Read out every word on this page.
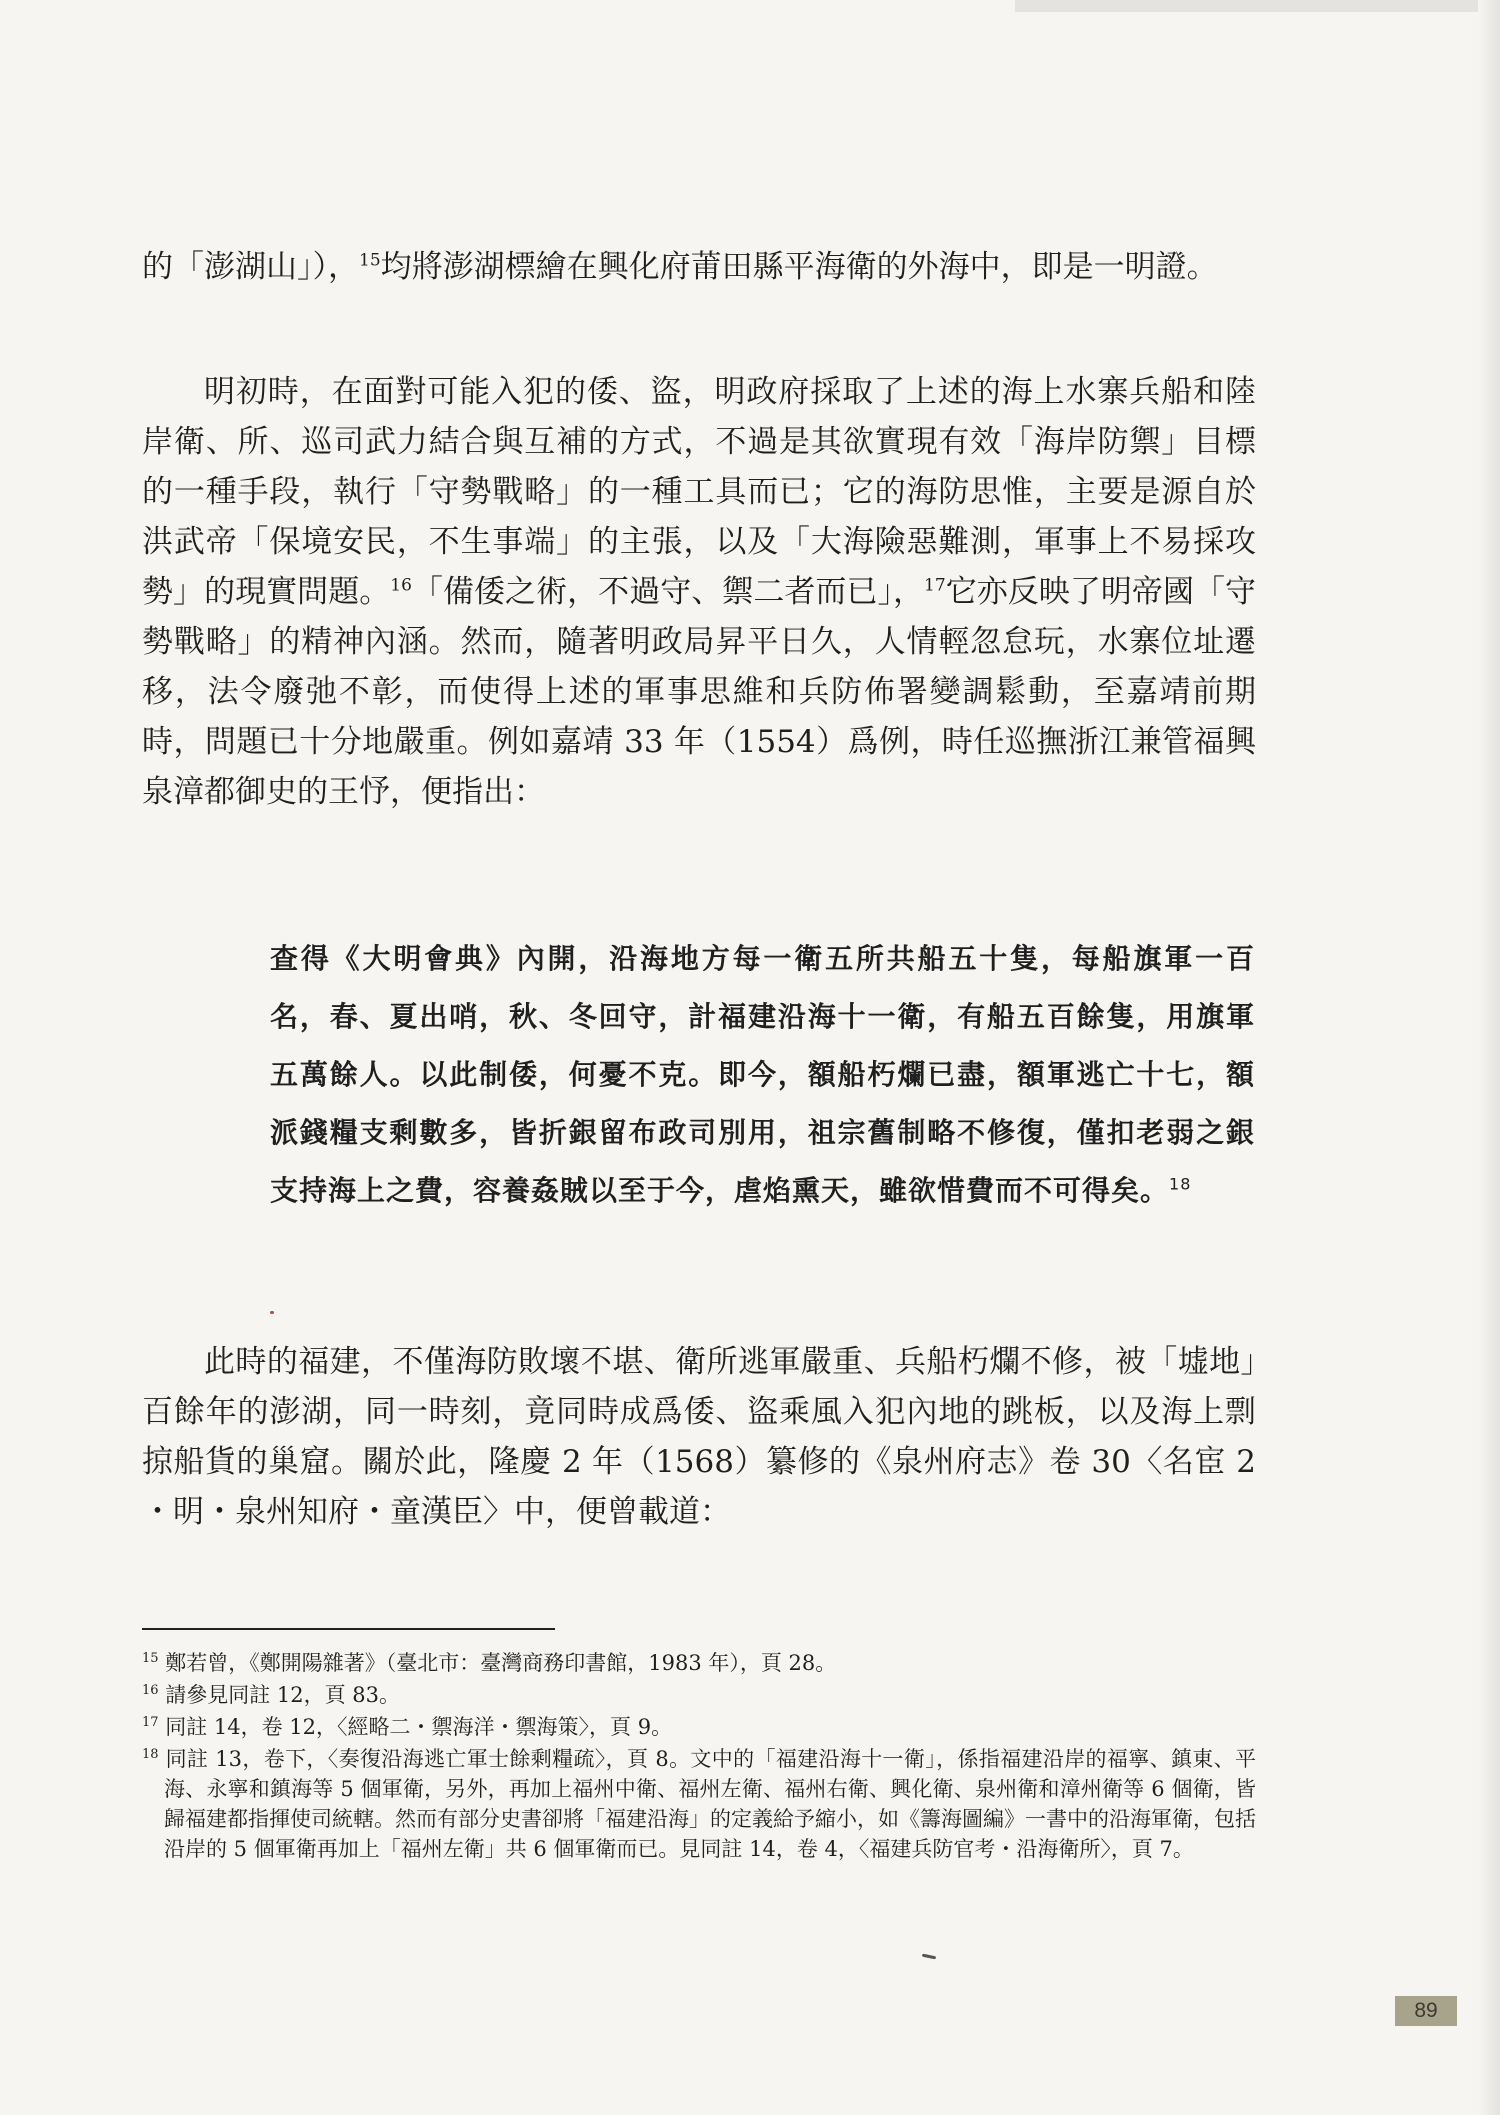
的「澎湖山」），$^{15}$均將澎湖標繪在興化府莆田縣平海衛的外海中，即是一明證。

明初時，在面對可能入犯的倭、盜，明政府採取了上述的海上水寨兵船和陸岸衛、所、巡司武力結合與互補的方式，不過是其欲實現有效「海岸防禦」目標的一種手段，執行「守勢戰略」的一種工具而已；它的海防思惟，主要是源自於洪武帝「保境安民，不生事端」的主張，以及「大海險惡難測，軍事上不易採攻勢」的現實問題。$^{16}$「備倭之術，不過守、禦二者而已」，$^{17}$它亦反映了明帝國「守勢戰略」的精神內涵。然而，隨著明政局昇平日久，人情輕忽怠玩，水寨位址遷移，法令廢弛不彰，而使得上述的軍事思維和兵防佈署變調鬆動，至嘉靖前期時，問題已十分地嚴重。例如嘉靖 33 年（1554）爲例，時任巡撫浙江兼管福興泉漳都御史的王忬，便指出：

查得《大明會典》內開，沿海地方每一衛五所共船五十隻，每船旗軍一百名，春、夏出哨，秋、冬回守，計福建沿海十一衛，有船五百餘隻，用旗軍五萬餘人。以此制倭，何憂不克。即今，額船朽爛已盡，額軍逃亡十七，額派錢糧支剩數多，皆折銀留布政司別用，祖宗舊制略不修復，僅扣老弱之銀支持海上之費，容養姦賊以至于今，虐焰熏天，雖欲惜費而不可得矣。$^{18}$

此時的福建，不僅海防敗壞不堪、衛所逃軍嚴重、兵船朽爛不修，被「墟地」百餘年的澎湖，同一時刻，竟同時成爲倭、盜乘風入犯內地的跳板，以及海上剽掠船貨的巢窟。關於此，隆慶 2 年（1568）纂修的《泉州府志》卷 30〈名宦 2 ・明・泉州知府・童漢臣〉中，便曾載道：

$^{15}$ 鄭若曾，《鄭開陽雜著》（臺北市：臺灣商務印書館，1983 年），頁 28。

$^{16}$ 請參見同註 12，頁 83。

$^{17}$ 同註 14，卷 12，〈經略二・禦海洋・禦海策〉，頁 9。

$^{18}$ 同註 13，卷下，〈奏復沿海逃亡軍士餘剩糧疏〉，頁 8。文中的「福建沿海十一衛」，係指福建沿岸的福寧、鎮東、平海、永寧和鎮海等 5 個軍衛，另外，再加上福州中衛、福州左衛、福州右衛、興化衛、泉州衛和漳州衛等 6 個衛，皆歸福建都指揮使司統轄。然而有部分史書卻將「福建沿海」的定義給予縮小，如《籌海圖編》一書中的沿海軍衛，包括沿岸的 5 個軍衛再加上「福州左衛」共 6 個軍衛而已。見同註 14，卷 4，〈福建兵防官考・沿海衛所〉，頁 7。

89
